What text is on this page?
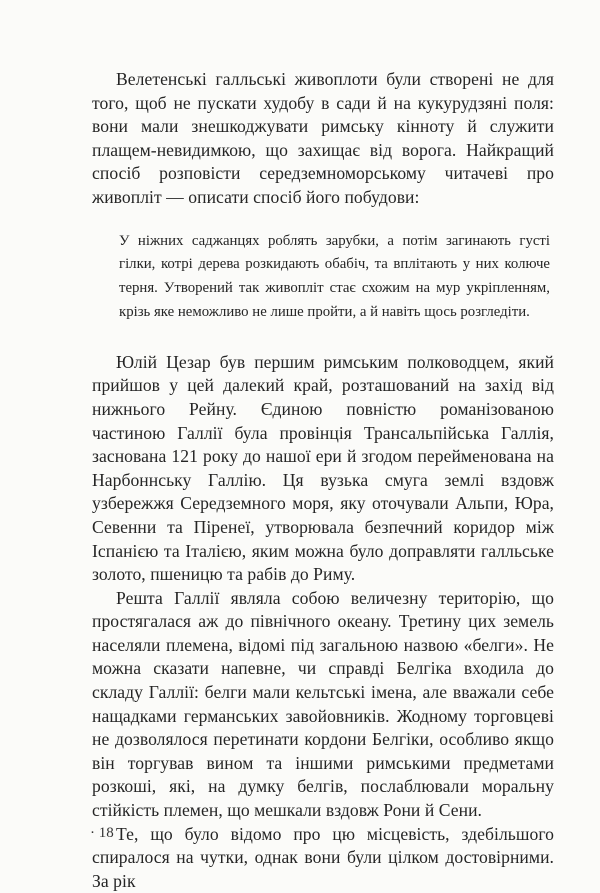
Велетенські галльські живоплоти були створені не для того, щоб не пускати худобу в сади й на кукурудзяні поля: вони мали знешкоджувати римську кінноту й служити плащем-невидимкою, що захищає від ворога. Найкращий спосіб розповісти середземноморському читачеві про живопліт — описати спосіб його побудови:

У ніжних саджанцях роблять зарубки, а потім загинають густі гілки, котрі дерева розкидають обабіч, та вплітають у них колюче терня. Утворений так живопліт стає схожим на мур укріпленням, крізь яке неможливо не лише пройти, а й навіть щось розгледіти.

Юлій Цезар був першим римським полководцем, який прийшов у цей далекий край, розташований на захід від нижнього Рейну. Єдиною повністю романізованою частиною Галлії була провінція Трансальпійська Галлія, заснована 121 року до нашої ери й згодом перейменована на Нарбоннську Галлію. Ця вузька смуга землі вздовж узбережжя Середземного моря, яку оточували Альпи, Юра, Севенни та Піренеї, утворювала безпечний коридор між Іспанією та Італією, яким можна було доправляти галльське золото, пшеницю та рабів до Риму.

Решта Галлії являла собою величезну територію, що простягалася аж до північного океану. Третину цих земель населяли племена, відомі під загальною назвою «белги». Не можна сказати напевне, чи справді Белгіка входила до складу Галлії: белги мали кельтські імена, але вважали себе нащадками германських завойовників. Жодному торговцеві не дозволялося перетинати кордони Белгіки, особливо якщо він торгував вином та іншими римськими предметами розкоші, які, на думку белгів, послаблювали моральну стійкість племен, що мешкали вздовж Рони й Сени.

Те, що було відомо про цю місцевість, здебільшого спиралося на чутки, однак вони були цілком достовірними. За рік

· 18
